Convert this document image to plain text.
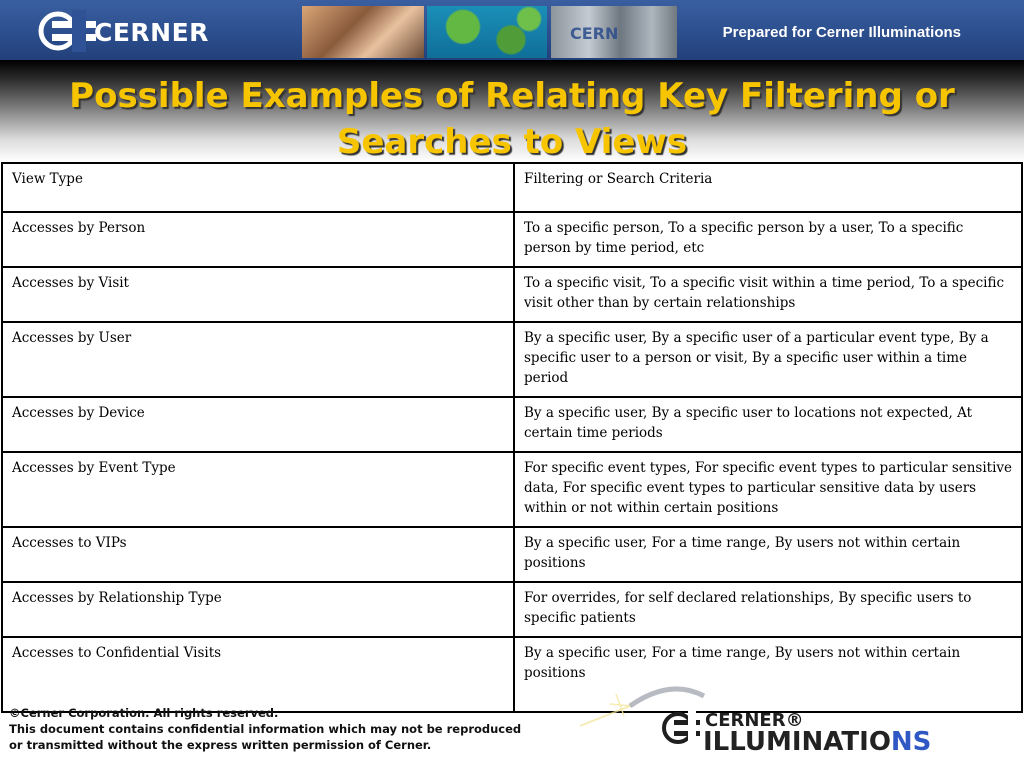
CERNER	CERN	Prepared for Cerner Illuminations
Possible Examples of Relating Key Filtering or Searches to Views
View Type	Filtering or Search Criteria
Accesses by Person	To a specific person, To a specific person by a user, To a specific person by time period, etc
Accesses by Visit	To a specific visit, To a specific visit within a time period, To a specific visit other than by certain relationships
Accesses by User	By a specific user, By a specific user of a particular event type, By a specific user to a person or visit, By a specific user within a time period
Accesses by Device	By a specific user, By a specific user to locations not expected, At certain time periods
Accesses by Event Type	For specific event types, For specific event types to particular sensitive data, For specific event types to particular sensitive data by users within or not within certain positions
Accesses to VIPs	By a specific user, For a time range, By users not within certain positions
Accesses by Relationship Type	For overrides, for self declared relationships, By specific users to specific patients
Accesses to Confidential Visits	By a specific user, For a time range, By users not within certain positions
©Cerner Corporation. All rights reserved.
This document contains confidential information which may not be reproduced
or transmitted without the express written permission of Cerner.
CERNER®
ILLUMINATIONS
